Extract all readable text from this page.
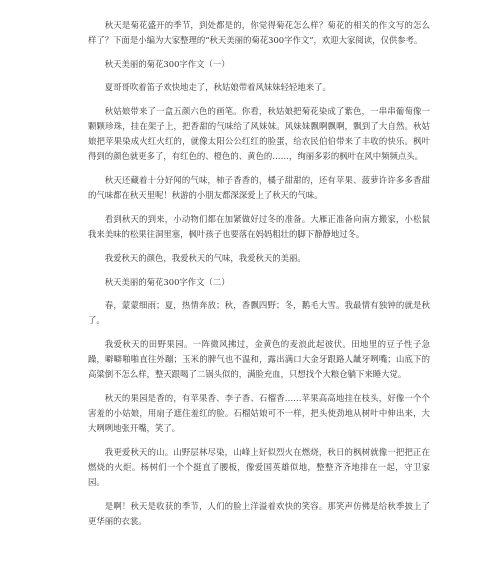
秋天是菊花盛开的季节，到处都是的，你觉得菊花怎么样？菊花的相关的作文写的怎么样了？下面是小编为大家整理的“秋天美丽的菊花300字作文”，欢迎大家阅读，仅供参考。

秋天美丽的菊花300字作文（一）

夏哥哥吹着笛子欢快地走了，秋姑娘带着风妹妹轻轻地来了。

秋姑娘带来了一盒五颜六色的画笔。你看，秋姑娘把菊花染成了紫色，一串串葡萄像一颗颗珍珠，挂在架子上，把香甜的气味给了风妹妹。风妹妹飘啊飘啊，飘到了大自然。秋姑娘把苹果染成火红火红的，就像太阳公公红红的脸蛋，给农民伯伯带来了丰收的快乐。枫叶得到的颜色就更多了，有红色的、橙色的、黄色的……，绚丽多彩的枫叶在风中频频点头。

秋天还藏着十分好闻的气味，柿子香香的，橘子甜甜的，还有苹果、菠萝许许多多香甜的气味都在秋天里呢！秋游的小朋友都深深爱上了秋天的气味。

看到秋天的到来，小动物们都在加紧做好过冬的准备。大雁正准备向南方搬家，小松鼠我来美味的松果往洞里塞，枫叶孩子也要落在妈妈粗壮的脚下静静地过冬。

我爱秋天的颜色，我爱秋天的气味，我爱秋天的美丽。

秋天美丽的菊花300字作文（二）

春，蒙蒙细雨；夏，热情奔放；秋，香飘四野；冬，鹅毛大雪。我最情有独钟的就是秋了。

我爱秋天的田野果园。一阵微风拂过，金黄色的麦浪此起彼伏。田地里的豆子性子急躁，噼噼啪啪直往外蹦；玉米的脾气也不温和，露出满口大金牙跟路人龇牙咧嘴；山底下的高粱倒不怎么样，整天跟喝了二锅头似的，满脸充血，只想找个大粮仓躺下来睡大觉。

秋天的果园是香的，有苹果香、李子香、石榴香……苹果高高地挂在枝头，好像一个个害羞的小姑娘，用扇子遮住羞红的脸。石榴姑娘可不一样，把头使劲地从树叶中伸出来，大大咧咧地张开嘴，笑了。

我更爱秋天的山。山野层林尽染，山峰上好似烈火在燃烧，秋日的枫树就像一把把正在燃烧的火炬。杨树们一个个挺直了腰板，像爱国英雄似地，整整齐齐地排在一起，守卫家园。

是啊！秋天是收获的季节，人们的脸上洋溢着欢快的笑容。那笑声仿佛是给秋季披上了更华丽的衣裳。
